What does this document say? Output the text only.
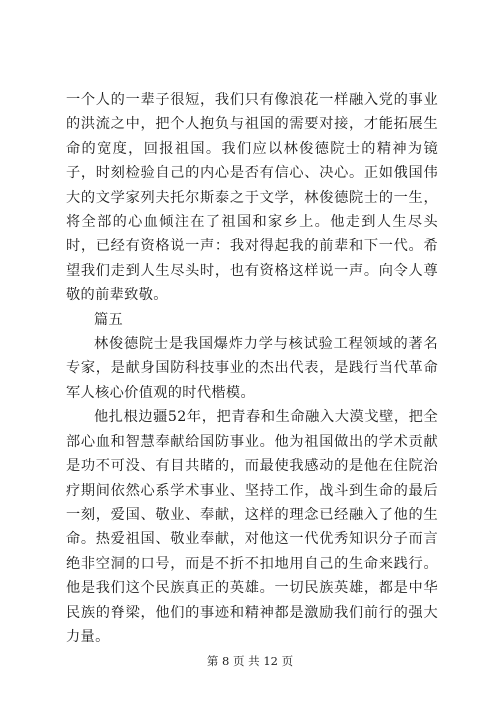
一个人的一辈子很短，我们只有像浪花一样融入党的事业的洪流之中，把个人抱负与祖国的需要对接，才能拓展生命的宽度，回报祖国。我们应以林俊德院士的精神为镜子，时刻检验自己的内心是否有信心、决心。正如俄国伟大的文学家列夫托尔斯泰之于文学，林俊德院士的一生，将全部的心血倾注在了祖国和家乡上。他走到人生尽头时，已经有资格说一声：我对得起我的前辈和下一代。希望我们走到人生尽头时，也有资格这样说一声。向令人尊敬的前辈致敬。

篇五

林俊德院士是我国爆炸力学与核试验工程领域的著名专家，是献身国防科技事业的杰出代表，是践行当代革命军人核心价值观的时代楷模。

他扎根边疆52年，把青春和生命融入大漠戈壁，把全部心血和智慧奉献给国防事业。他为祖国做出的学术贡献是功不可没、有目共睹的，而最使我感动的是他在住院治疗期间依然心系学术事业、坚持工作，战斗到生命的最后一刻，爱国、敬业、奉献，这样的理念已经融入了他的生命。热爱祖国、敬业奉献，对他这一代优秀知识分子而言绝非空洞的口号，而是不折不扣地用自己的生命来践行。他是我们这个民族真正的英雄。一切民族英雄，都是中华民族的脊梁，他们的事迹和精神都是激励我们前行的强大力量。

第 8 页 共 12 页
